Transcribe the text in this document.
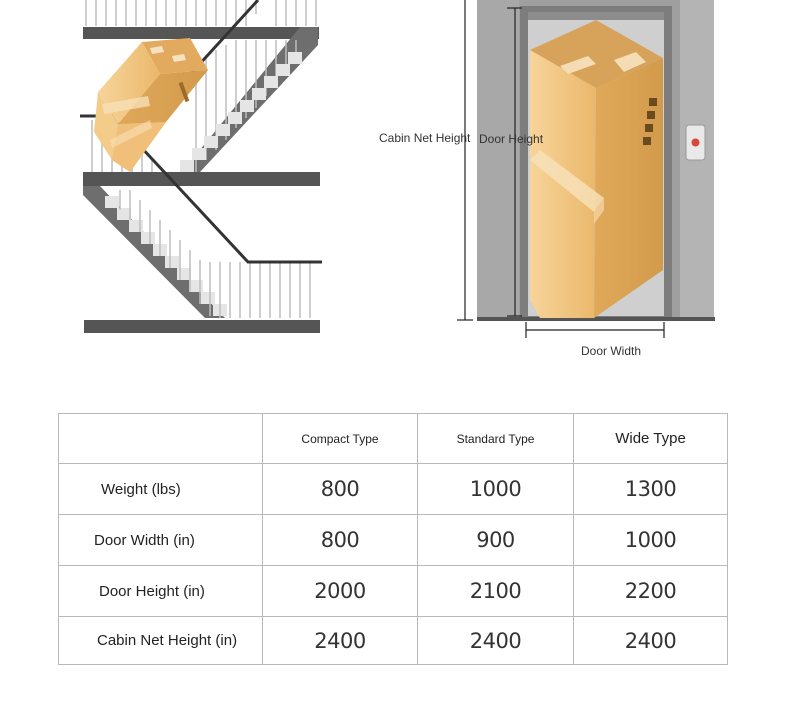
Cabin Net Height Door Height
Door Width
	Compact Type	Standard Type	Wide Type
Weight (lbs)	800	1000	1300
Door Width (in)	800	900	1000
Door Height (in)	2000	2100	2200
Cabin Net Height (in)	2400	2400	2400
